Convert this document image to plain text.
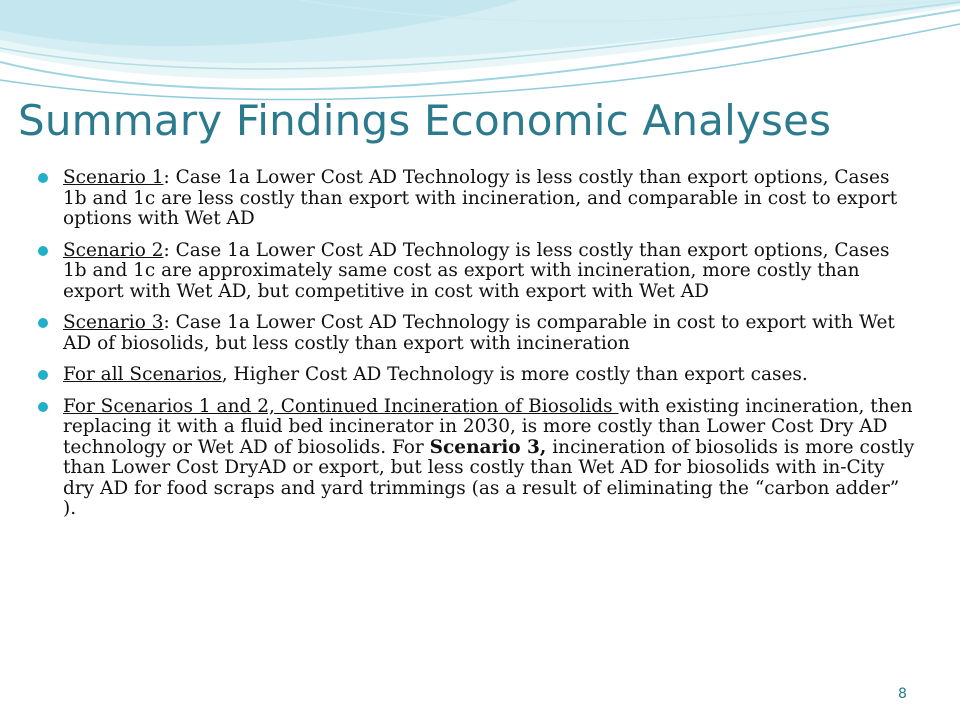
Summary Findings Economic Analyses
Scenario 1: Case 1a Lower Cost AD Technology is less costly than export options, Cases 1b and 1c are less costly than export with incineration, and comparable in cost to export options with Wet AD
Scenario 2: Case 1a Lower Cost AD Technology is less costly than export options, Cases 1b and 1c are approximately same cost as export with incineration, more costly than export with Wet AD, but competitive in cost with export with Wet AD
Scenario 3: Case 1a Lower Cost AD Technology is comparable in cost to export with Wet AD of biosolids, but less costly than export with incineration
For all Scenarios, Higher Cost AD Technology is more costly than export cases.
For Scenarios 1 and 2, Continued Incineration of Biosolids with existing incineration, then replacing it with a fluid bed incinerator in 2030, is more costly than Lower Cost Dry AD technology or Wet AD of biosolids. For Scenario 3, incineration of biosolids is more costly than Lower Cost DryAD or export, but less costly than Wet AD for biosolids with in-City dry AD for food scraps and yard trimmings (as a result of eliminating the “carbon adder” ).
8
